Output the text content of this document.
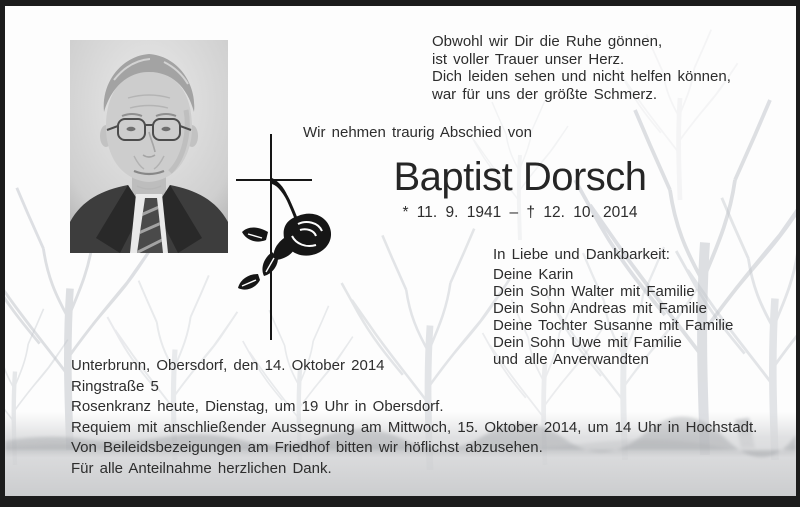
Obwohl wir Dir die Ruhe gönnen,
ist voller Trauer unser Herz.
Dich leiden sehen und nicht helfen können,
war für uns der größte Schmerz.
Wir nehmen traurig Abschied von
Baptist Dorsch
* 11. 9. 1941 – † 12. 10. 2014
In Liebe und Dankbarkeit:
Deine Karin
Dein Sohn Walter mit Familie
Dein Sohn Andreas mit Familie
Deine Tochter Susanne mit Familie
Dein Sohn Uwe mit Familie
und alle Anverwandten
Unterbrunn, Obersdorf, den 14. Oktober 2014
Ringstraße 5
Rosenkranz heute, Dienstag, um 19 Uhr in Obersdorf.
Requiem mit anschließender Aussegnung am Mittwoch, 15. Oktober 2014, um 14 Uhr in Hochstadt.
Von Beileidsbezeigungen am Friedhof bitten wir höflichst abzusehen.
Für alle Anteilnahme herzlichen Dank.
